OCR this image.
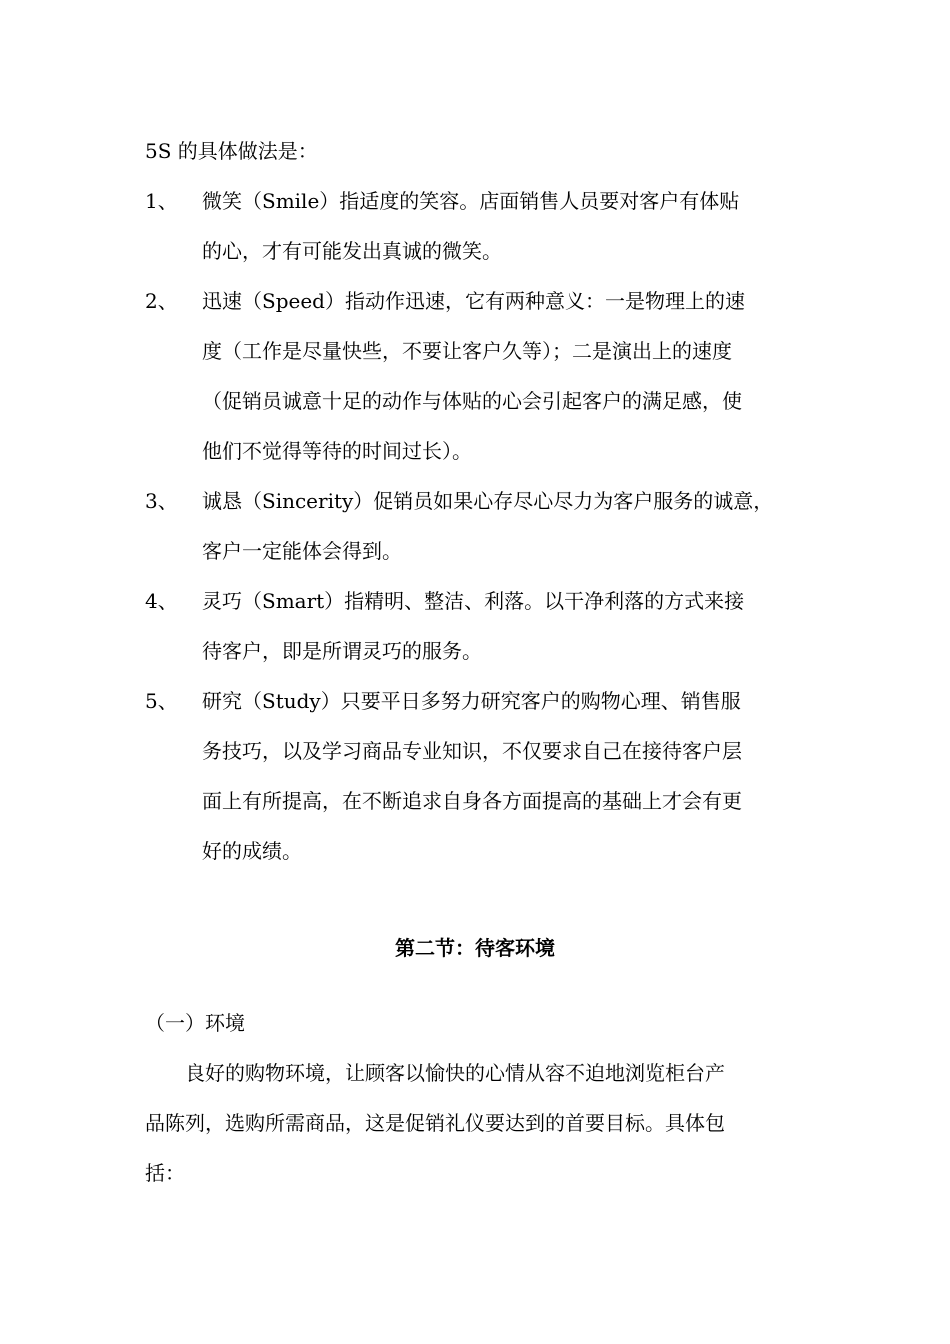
5S 的具体做法是：
1、 微笑（Smile）指适度的笑容。店面销售人员要对客户有体贴
的心，才有可能发出真诚的微笑。
2、 迅速（Speed）指动作迅速，它有两种意义：一是物理上的速
度（工作是尽量快些，不要让客户久等）；二是演出上的速度
（促销员诚意十足的动作与体贴的心会引起客户的满足感，使
他们不觉得等待的时间过长）。
3、 诚恳（Sincerity）促销员如果心存尽心尽力为客户服务的诚意，
客户一定能体会得到。
4、 灵巧（Smart）指精明、整洁、利落。以干净利落的方式来接
待客户，即是所谓灵巧的服务。
5、 研究（Study）只要平日多努力研究客户的购物心理、销售服
务技巧，以及学习商品专业知识，不仅要求自己在接待客户层
面上有所提高，在不断追求自身各方面提高的基础上才会有更
好的成绩。
第二节：待客环境
（一）环境
良好的购物环境，让顾客以愉快的心情从容不迫地浏览柜台产
品陈列，选购所需商品，这是促销礼仪要达到的首要目标。具体包
括：
